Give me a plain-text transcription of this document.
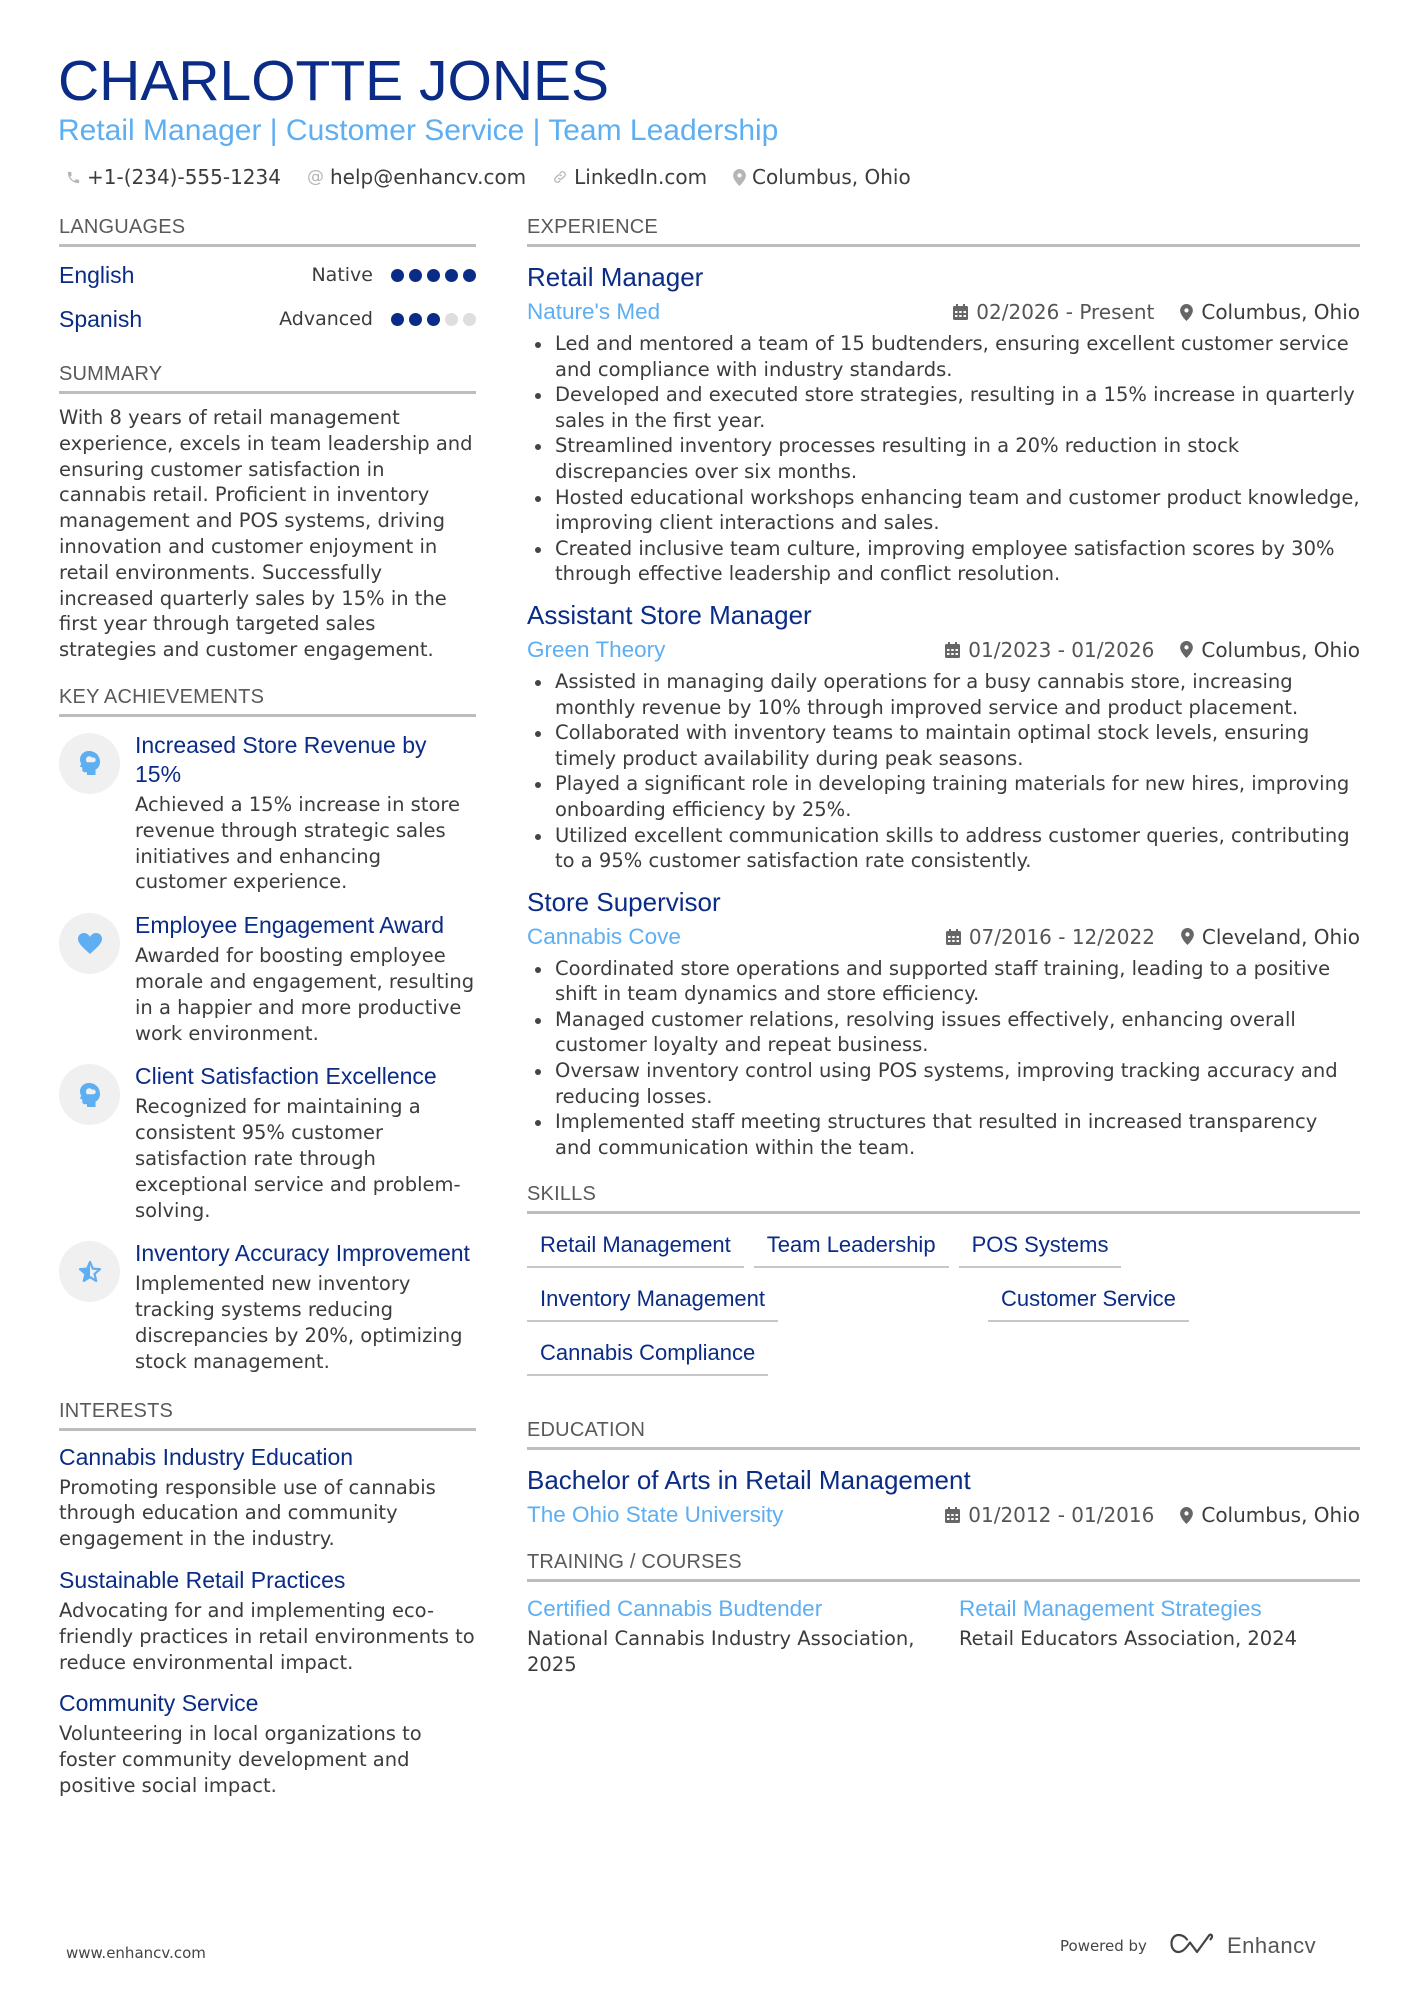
CHARLOTTE JONES
Retail Manager | Customer Service | Team Leadership
+1-(234)-555-1234 @ help@enhancv.com LinkedIn.com Columbus, Ohio
LANGUAGES
English	Native
Spanish	Advanced
SUMMARY

With 8 years of retail management experience, excels in team leadership and ensuring customer satisfaction in cannabis retail. Proficient in inventory management and POS systems, driving innovation and customer enjoyment in retail environments. Successfully increased quarterly sales by 15% in the first year through targeted sales strategies and customer engagement.

KEY ACHIEVEMENTS
Increased Store Revenue by 15%

Achieved a 15% increase in store revenue through strategic sales initiatives and enhancing customer experience.

Employee Engagement Award

Awarded for boosting employee morale and engagement, resulting in a happier and more productive work environment.

Client Satisfaction Excellence

Recognized for maintaining a consistent 95% customer satisfaction rate through exceptional service and problem-solving.

Inventory Accuracy Improvement

Implemented new inventory tracking systems reducing discrepancies by 20%, optimizing stock management.

INTERESTS
Cannabis Industry Education

Promoting responsible use of cannabis through education and community engagement in the industry.

Sustainable Retail Practices

Advocating for and implementing eco-friendly practices in retail environments to reduce environmental impact.

Community Service

Volunteering in local organizations to foster community development and positive social impact.

EXPERIENCE
Retail Manager
Nature's Med	02/2026 - Present Columbus, Ohio
Led and mentored a team of 15 budtenders, ensuring excellent customer service and compliance with industry standards.
Developed and executed store strategies, resulting in a 15% increase in quarterly sales in the first year.
Streamlined inventory processes resulting in a 20% reduction in stock discrepancies over six months.
Hosted educational workshops enhancing team and customer product knowledge, improving client interactions and sales.
Created inclusive team culture, improving employee satisfaction scores by 30% through effective leadership and conflict resolution.
Assistant Store Manager
Green Theory	01/2023 - 01/2026 Columbus, Ohio
Assisted in managing daily operations for a busy cannabis store, increasing monthly revenue by 10% through improved service and product placement.
Collaborated with inventory teams to maintain optimal stock levels, ensuring timely product availability during peak seasons.
Played a significant role in developing training materials for new hires, improving onboarding efficiency by 25%.
Utilized excellent communication skills to address customer queries, contributing to a 95% customer satisfaction rate consistently.
Store Supervisor
Cannabis Cove	07/2016 - 12/2022 Cleveland, Ohio
Coordinated store operations and supported staff training, leading to a positive shift in team dynamics and store efficiency.
Managed customer relations, resolving issues effectively, enhancing overall customer loyalty and repeat business.
Oversaw inventory control using POS systems, improving tracking accuracy and reducing losses.
Implemented staff meeting structures that resulted in increased transparency and communication within the team.
SKILLS
Retail Management	Team Leadership	POS Systems
Inventory Management	Customer Service
Cannabis Compliance
EDUCATION
Bachelor of Arts in Retail Management
The Ohio State University	01/2012 - 01/2016 Columbus, Ohio
TRAINING / COURSES
Certified Cannabis Budtender
National Cannabis Industry Association, 2025
Retail Management Strategies
Retail Educators Association, 2024
www.enhancv.com	Powered by	Enhancv
